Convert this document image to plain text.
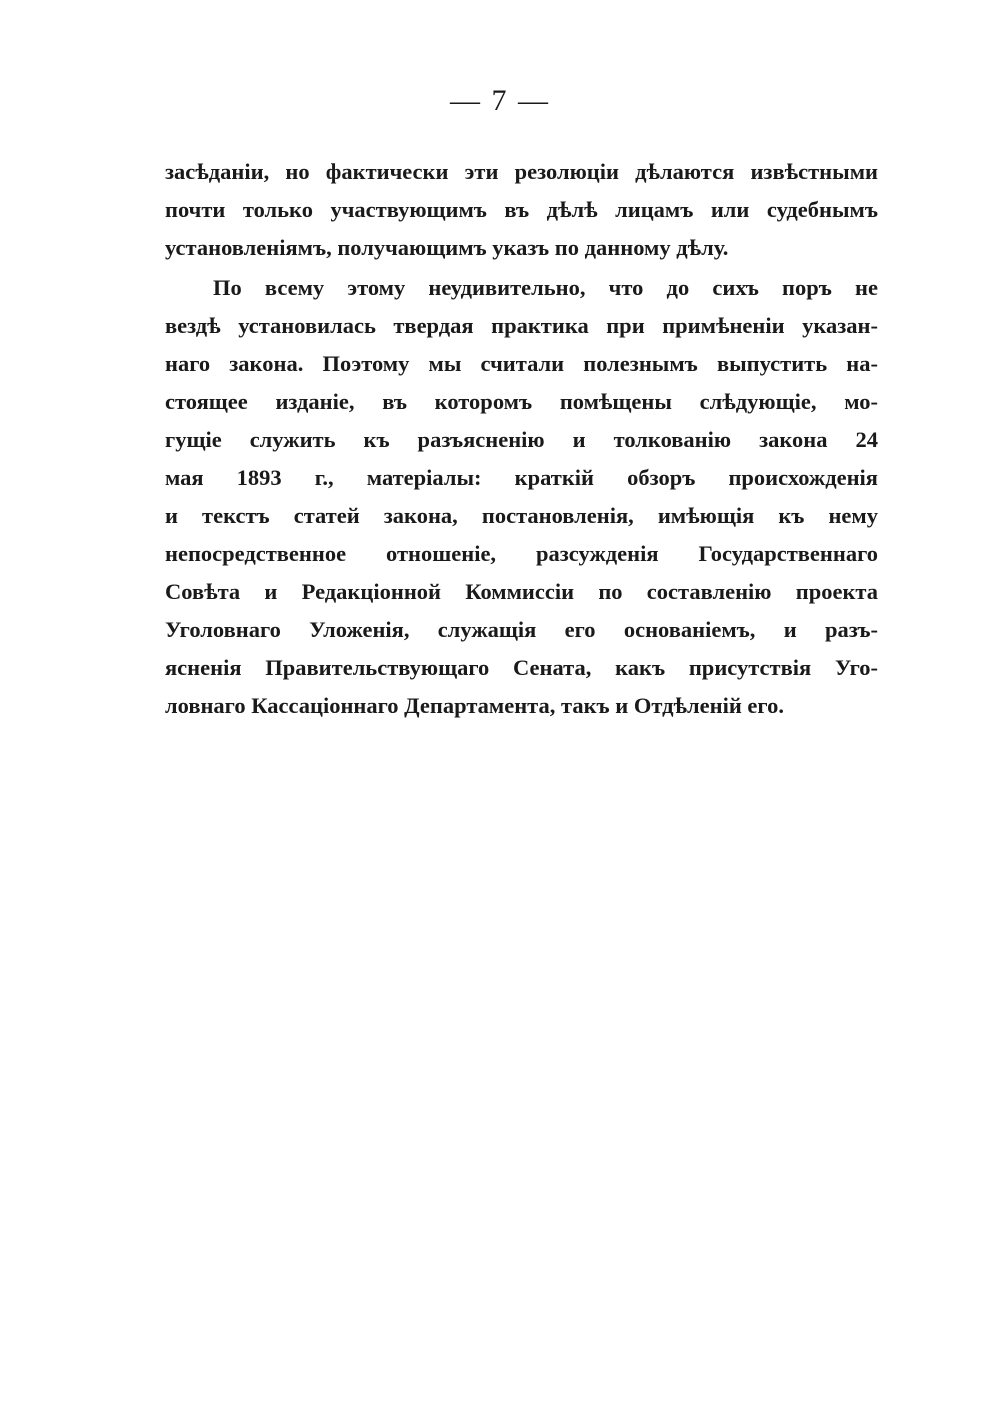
— 7 —
засѣданіи, но фактически эти резолюціи дѣлаются извѣстными
почти только участвующимъ въ дѣлѣ лицамъ или судебнымъ
установленіямъ, получающимъ указъ по данному дѣлу.
По всему этому неудивительно, что до сихъ поръ не
вездѣ установилась твердая практика при примѣненіи указан-
наго закона. Поэтому мы считали полезнымъ выпустить на-
стоящее изданіе, въ которомъ помѣщены слѣдующіе, мо-
гущіе служить къ разъясненію и толкованію закона 24
мая 1893 г., матеріалы: краткій обзоръ происхожденія
и текстъ статей закона, постановленія, имѣющія къ нему
непосредственное отношеніе, разсужденія Государственнаго
Совѣта и Редакціонной Коммиссіи по составленію проекта
Уголовнаго Уложенія, служащія его основаніемъ, и разъ-
ясненія Правительствующаго Сената, какъ присутствія Уго-
ловнаго Кассаціоннаго Департамента, такъ и Отдѣленій его.
